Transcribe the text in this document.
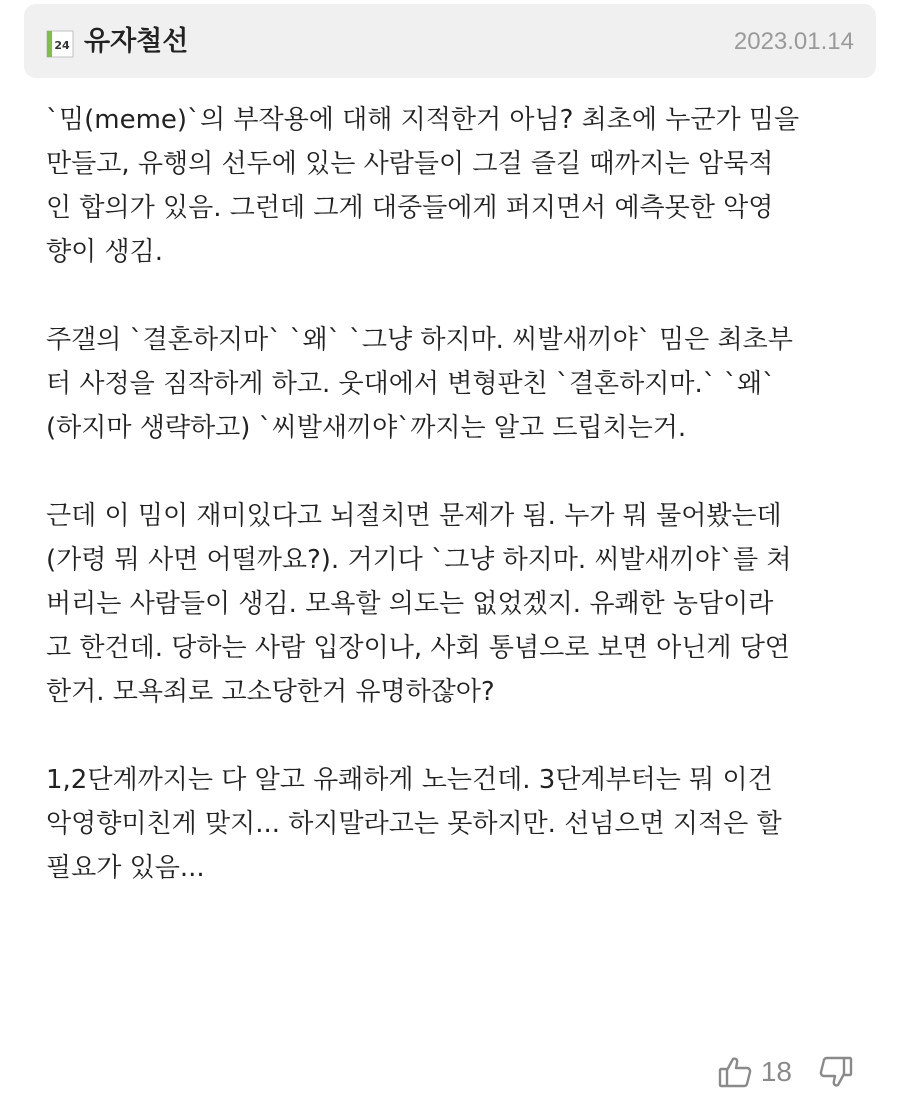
24 유자철선	2023.01.14

`밈(meme)`의 부작용에 대해 지적한거 아님? 최초에 누군가 밈을
만들고, 유행의 선두에 있는 사람들이 그걸 즐길 때까지는 암묵적
인 합의가 있음. 그런데 그게 대중들에게 퍼지면서 예측못한 악영
향이 생김.

주갤의 `결혼하지마` `왜` `그냥 하지마. 씨발새끼야` 밈은 최초부
터 사정을 짐작하게 하고. 웃대에서 변형판친 `결혼하지마.` `왜`
(하지마 생략하고) `씨발새끼야`까지는 알고 드립치는거.

근데 이 밈이 재미있다고 뇌절치면 문제가 됨. 누가 뭐 물어봤는데
(가령 뭐 사면 어떨까요?). 거기다 `그냥 하지마. 씨발새끼야`를 쳐
버리는 사람들이 생김. 모욕할 의도는 없었겠지. 유쾌한 농담이라
고 한건데. 당하는 사람 입장이나, 사회 통념으로 보면 아닌게 당연
한거. 모욕죄로 고소당한거 유명하잖아?

1,2단계까지는 다 알고 유쾌하게 노는건데. 3단계부터는 뭐 이건
악영향미친게 맞지... 하지말라고는 못하지만. 선넘으면 지적은 할
필요가 있음...

18
